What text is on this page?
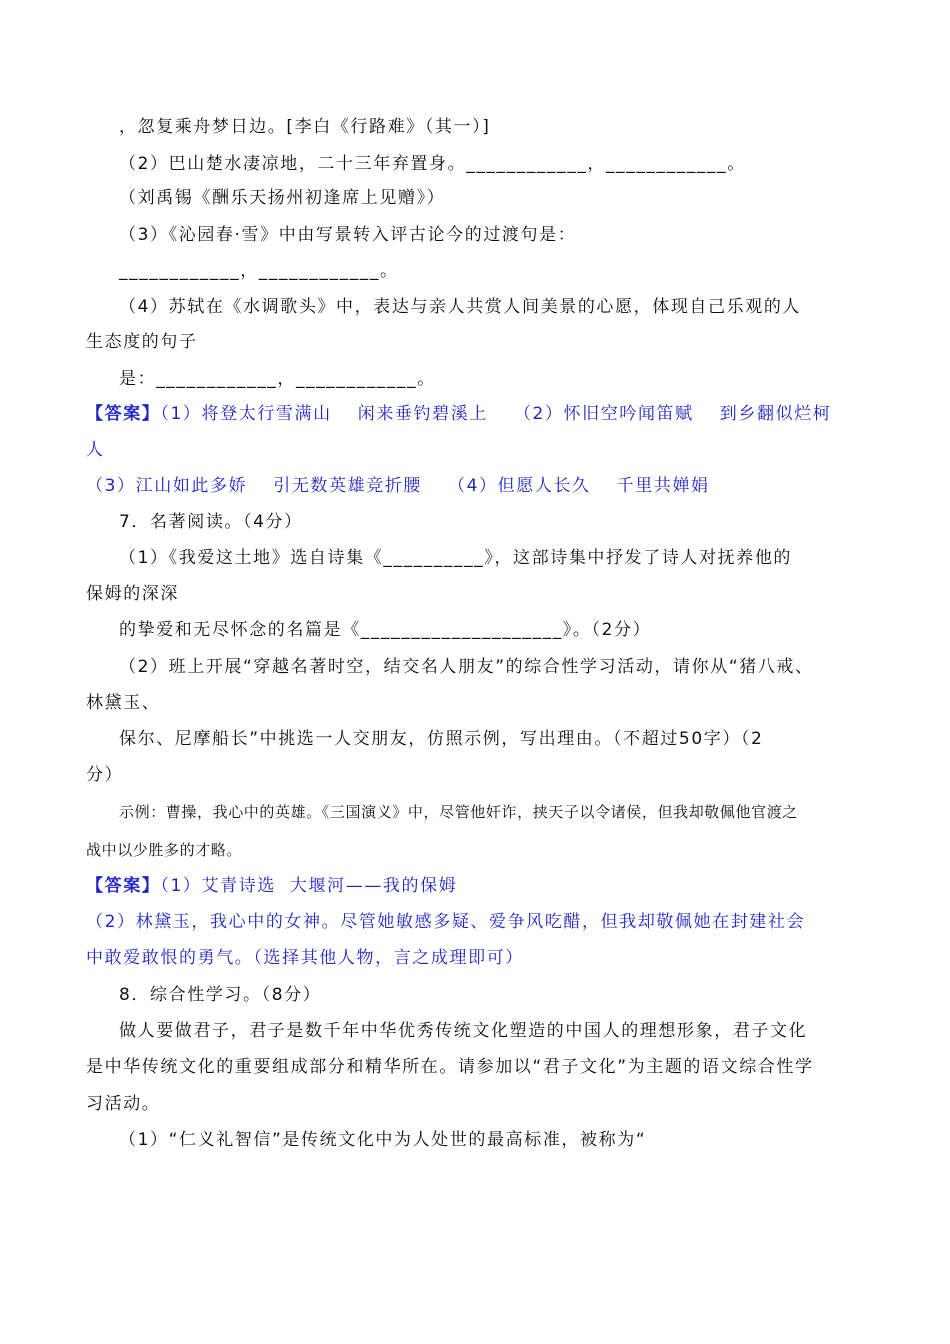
，忽复乘舟梦日边。[李白《行路难》（其一）]
（2）巴山楚水凄凉地，二十三年弃置身。____________，____________。
（刘禹锡《酬乐天扬州初逢席上见赠》）
（3）《沁园春·雪》中由写景转入评古论今的过渡句是：
____________，____________。
（4）苏轼在《水调歌头》中，表达与亲人共赏人间美景的心愿，体现自己乐观的人
生态度的句子
是：____________，____________。
【答案】（1）将登太行雪满山 闲来垂钓碧溪上 （2）怀旧空吟闻笛赋 到乡翻似烂柯
人
（3）江山如此多娇 引无数英雄竞折腰 （4）但愿人长久 千里共婵娟
7．名著阅读。（4分）
（1）《我爱这土地》选自诗集《__________》，这部诗集中抒发了诗人对抚养他的
保姆的深深
的挚爱和无尽怀念的名篇是《____________________》。（2分）
（2）班上开展“穿越名著时空，结交名人朋友”的综合性学习活动，请你从“猪八戒、
林黛玉、
保尔、尼摩船长”中挑选一人交朋友，仿照示例，写出理由。（不超过50字）（2
分）
示例：曹操，我心中的英雄。《三国演义》中，尽管他奸诈，挟天子以令诸侯，但我却敬佩他官渡之
战中以少胜多的才略。
【答案】（1）艾青诗选 大堰河——我的保姆
（2）林黛玉，我心中的女神。尽管她敏感多疑、爱争风吃醋，但我却敬佩她在封建社会
中敢爱敢恨的勇气。（选择其他人物，言之成理即可）
8．综合性学习。（8分）
做人要做君子，君子是数千年中华优秀传统文化塑造的中国人的理想形象，君子文化
是中华传统文化的重要组成部分和精华所在。请参加以“君子文化”为主题的语文综合性学
习活动。
（1）“仁义礼智信”是传统文化中为人处世的最高标准，被称为“
